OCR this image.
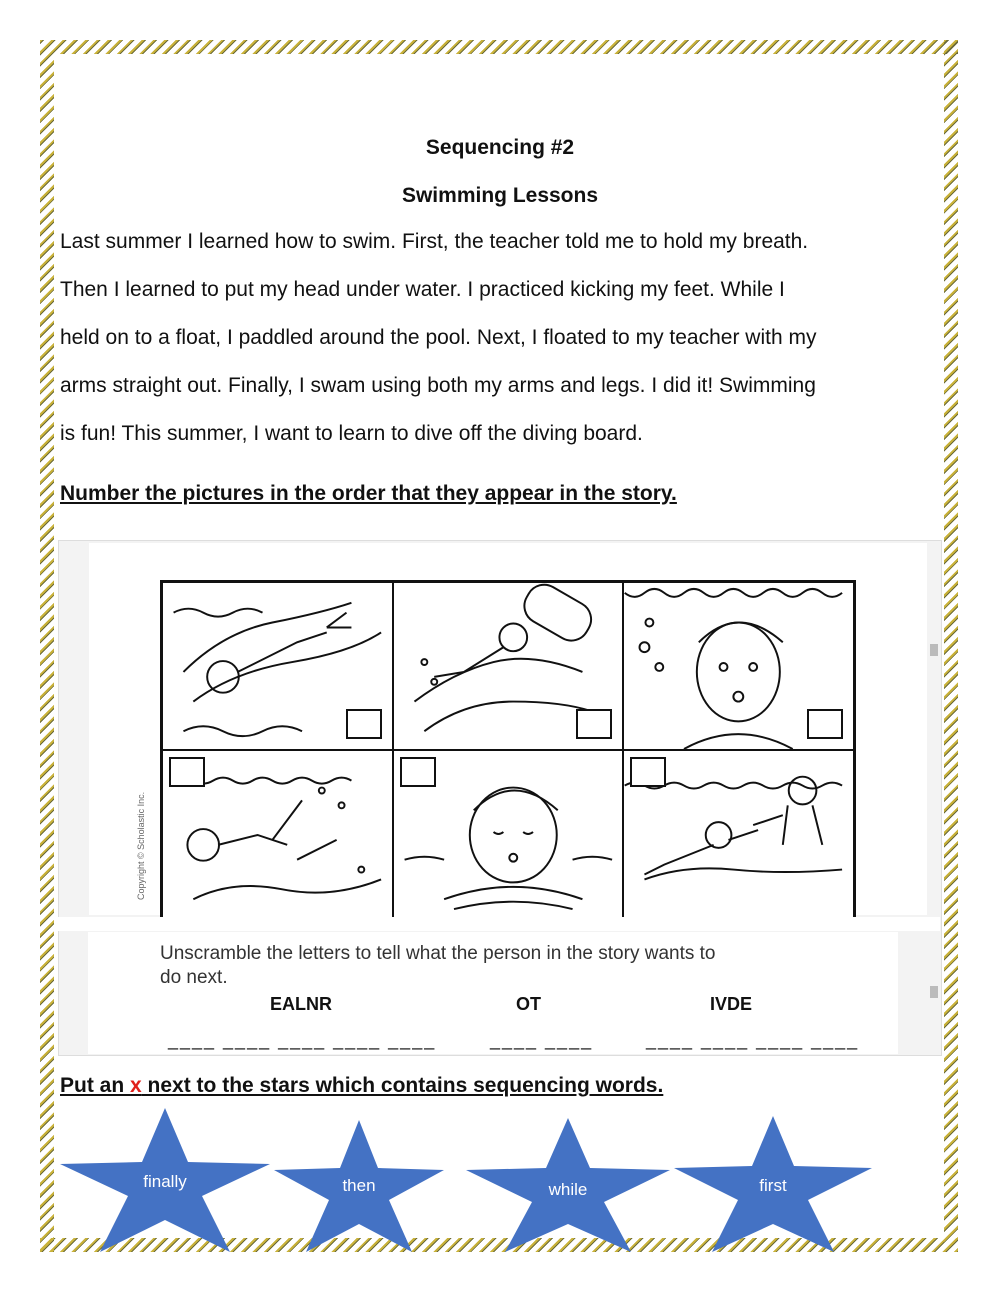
Sequencing #2
Swimming Lessons

Last summer I learned how to swim. First, the teacher told me to hold my breath.
Then I learned to put my head under water. I practiced kicking my feet. While I
held on to a float, I paddled around the pool. Next, I floated to my teacher with my
arms straight out. Finally, I swam using both my arms and legs. I did it! Swimming
is fun! This summer, I want to learn to dive off the diving board.

Number the pictures in the order that they appear in the story.
Copyright © Scholastic Inc.
Unscramble the letters to tell what the person in the story wants to
do next.
EALNR	OT	IVDE
____ ____ ____ ____ ____	____ ____	____ ____ ____ ____
Put an x next to the stars which contains sequencing words.
finally	then	while	first
